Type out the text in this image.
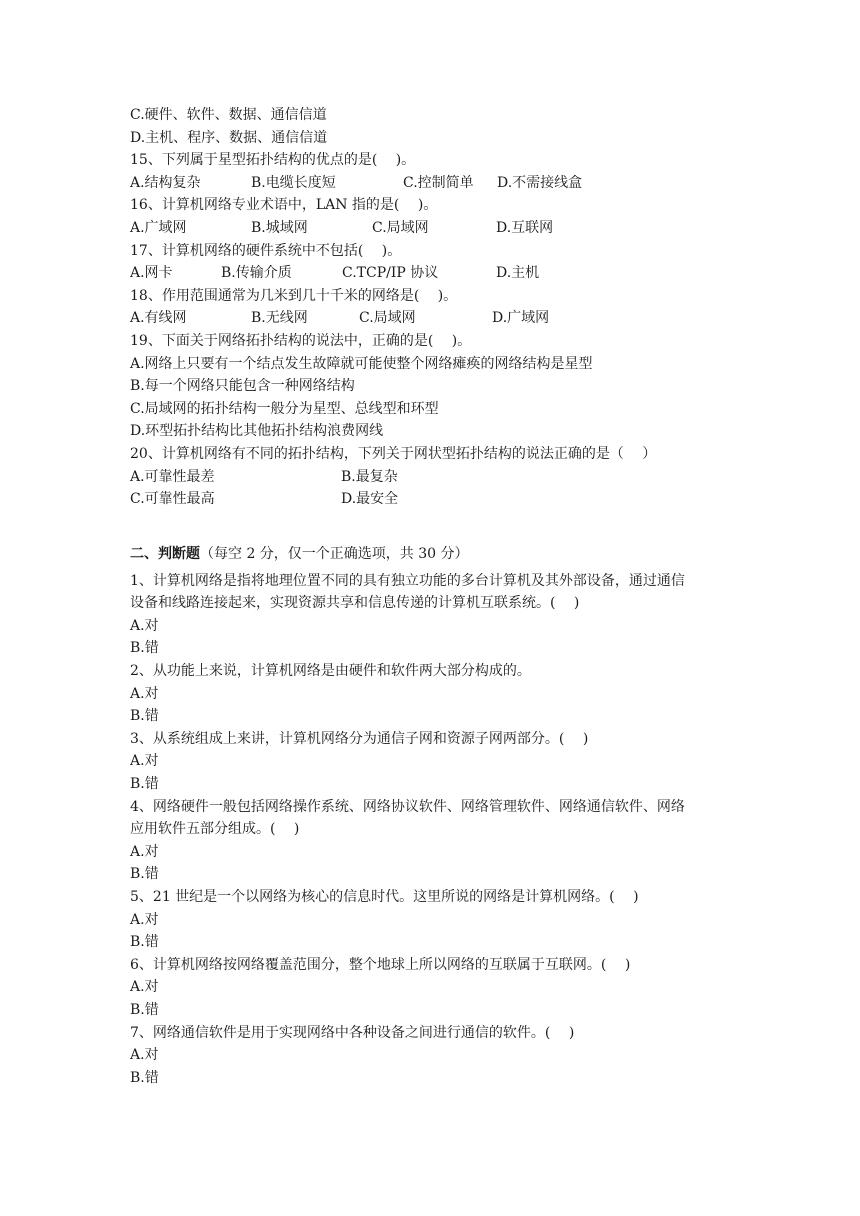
C.硬件、软件、数据、通信信道
D.主机、程序、数据、通信信道
15、下列属于星型拓扑结构的优点的是(　 )。
A.结构复杂	B.电缆长度短	C.控制简单	D.不需接线盒
16、计算机网络专业术语中，LAN 指的是(　 )。
A.广域网	B.城域网	C.局域网	D.互联网
17、计算机网络的硬件系统中不包括(　 )。
A.网卡	B.传输介质	C.TCP/IP 协议	D.主机
18、作用范围通常为几米到几十千米的网络是(　 )。
A.有线网	B.无线网	C.局域网	D.广域网
19、下面关于网络拓扑结构的说法中，正确的是(　 )。
A.网络上只要有一个结点发生故障就可能使整个网络瘫痪的网络结构是星型
B.每一个网络只能包含一种网络结构
C.局域网的拓扑结构一般分为星型、总线型和环型
D.环型拓扑结构比其他拓扑结构浪费网线
20、计算机网络有不同的拓扑结构，下列关于网状型拓扑结构的说法正确的是（　 ）
A.可靠性最差	B.最复杂
C.可靠性最高	D.最安全
二、判断题（每空 2 分，仅一个正确选项，共 30 分）
1、计算机网络是指将地理位置不同的具有独立功能的多台计算机及其外部设备，通过通信
设备和线路连接起来，实现资源共享和信息传递的计算机互联系统。(　 )
A.对
B.错
2、从功能上来说，计算机网络是由硬件和软件两大部分构成的。
A.对
B.错
3、从系统组成上来讲，计算机网络分为通信子网和资源子网两部分。(　 )
A.对
B.错
4、网络硬件一般包括网络操作系统、网络协议软件、网络管理软件、网络通信软件、网络
应用软件五部分组成。(　 )
A.对
B.错
5、21 世纪是一个以网络为核心的信息时代。这里所说的网络是计算机网络。(　 )
A.对
B.错
6、计算机网络按网络覆盖范围分，整个地球上所以网络的互联属于互联网。(　 )
A.对
B.错
7、网络通信软件是用于实现网络中各种设备之间进行通信的软件。(　 )
A.对
B.错
